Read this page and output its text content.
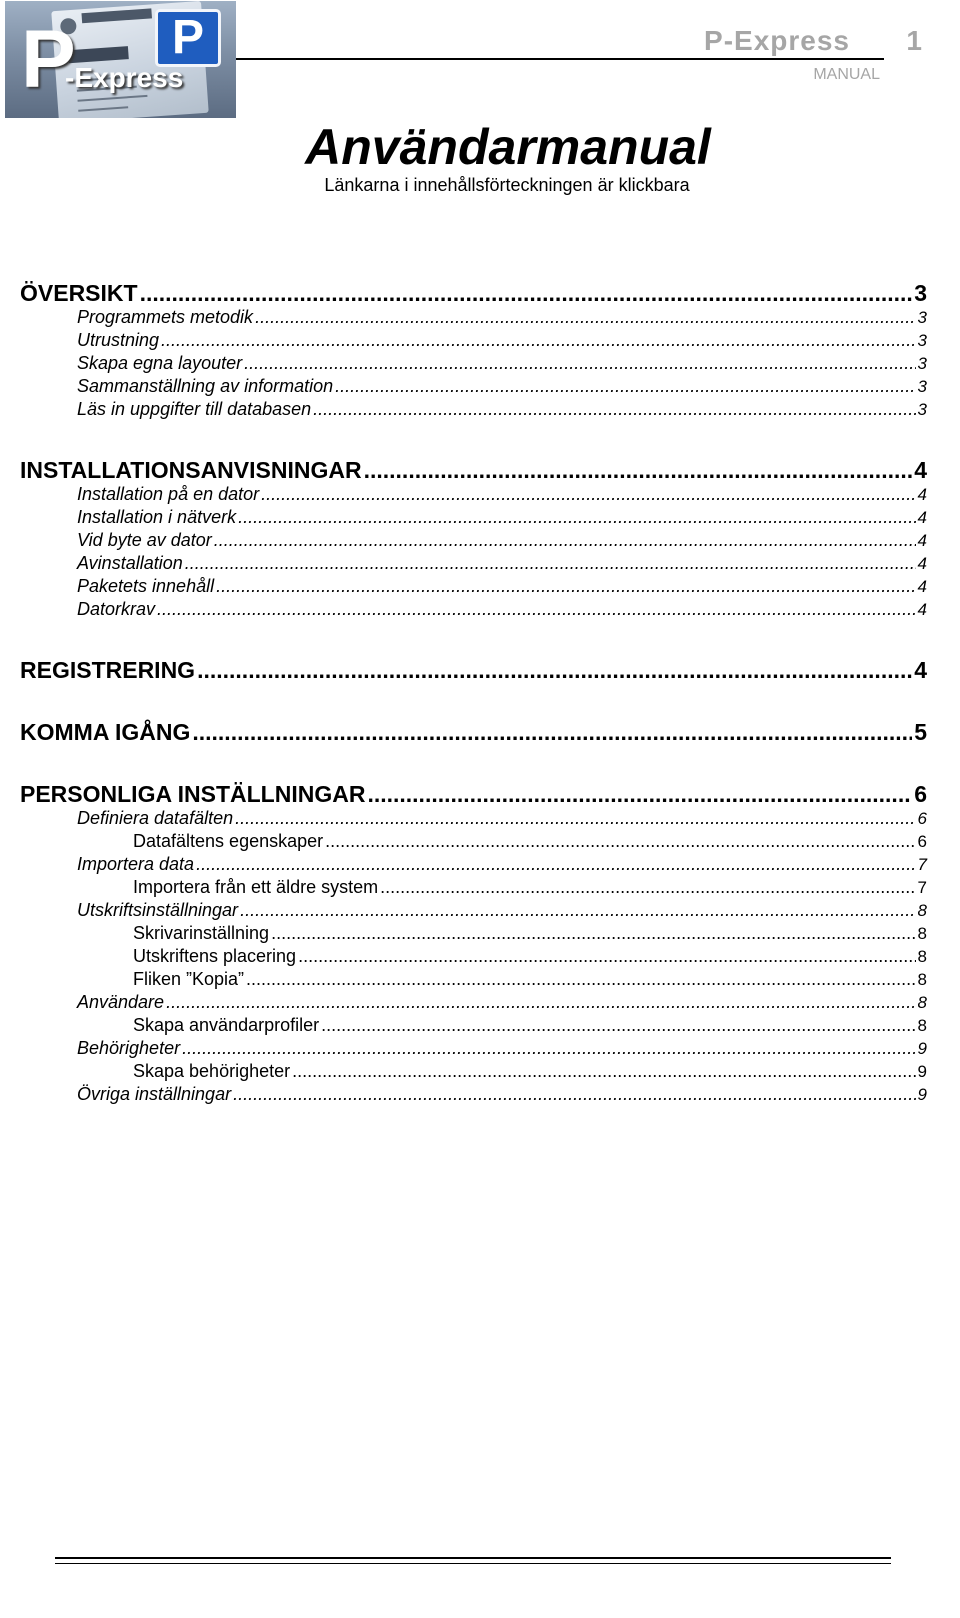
P
P
-Express
P-Express 1
MANUAL
Användarmanual
Länkarna i innehållsförteckningen är klickbara
ÖVERSIKT .....	3
Programmets metodik .....	3
Utrustning .....	3
Skapa egna layouter .....	3
Sammanställning av information .....	3
Läs in uppgifter till databasen .....	3
INSTALLATIONSANVISNINGAR .....	4
Installation på en dator .....	4
Installation i nätverk .....	4
Vid byte av dator .....	4
Avinstallation .....	4
Paketets innehåll .....	4
Datorkrav .....	4
REGISTRERING .....	4
KOMMA IGÅNG .....	5
PERSONLIGA INSTÄLLNINGAR .....	6
Definiera datafälten .....	6
Datafältens egenskaper .....	6
Importera data .....	7
Importera från ett äldre system .....	7
Utskriftsinställningar .....	8
Skrivarinställning .....	8
Utskriftens placering .....	8
Fliken ”Kopia” .....	8
Användare .....	8
Skapa användarprofiler .....	8
Behörigheter .....	9
Skapa behörigheter .....	9
Övriga inställningar .....	9
